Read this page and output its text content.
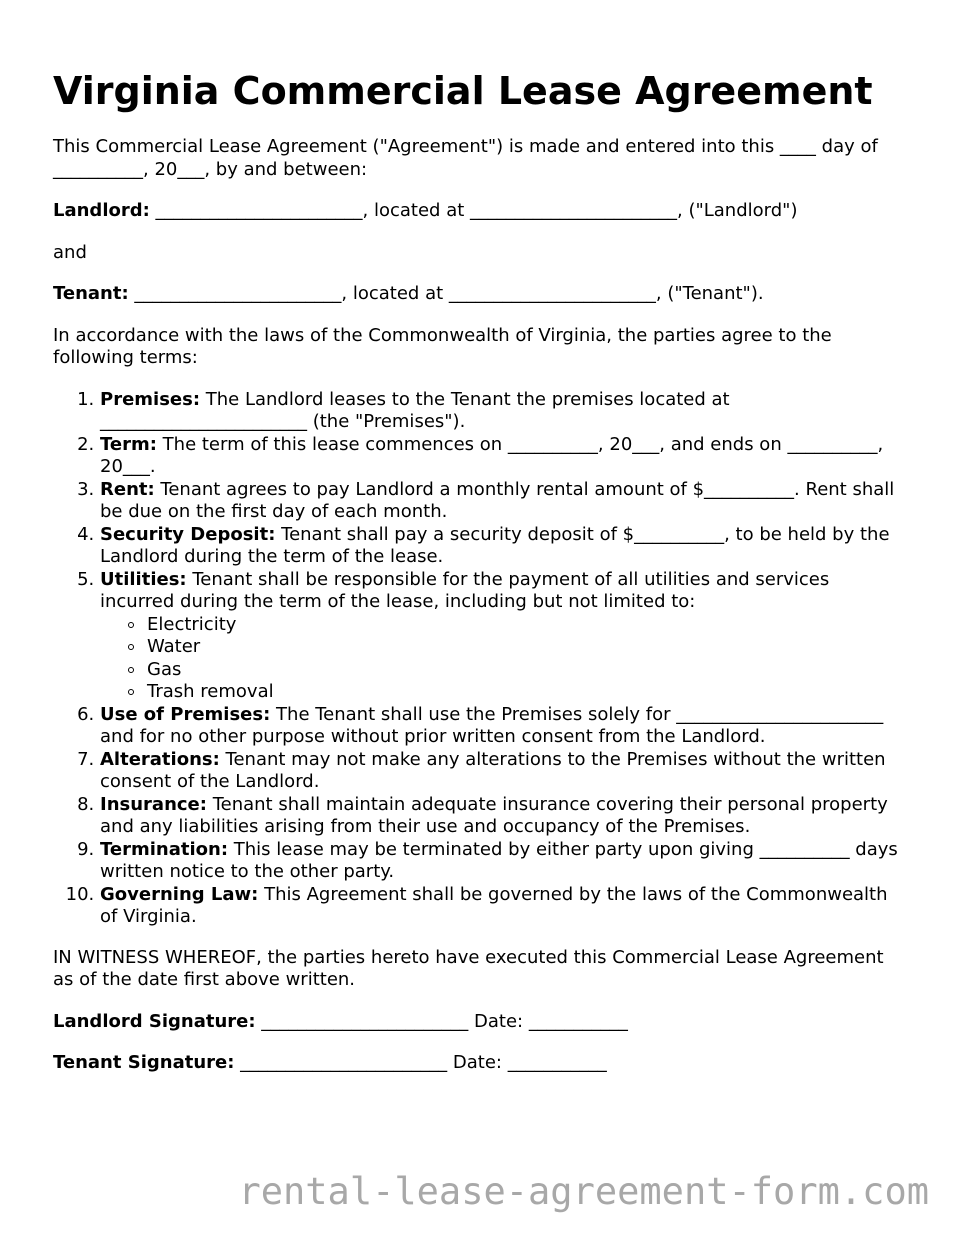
Virginia Commercial Lease Agreement

This Commercial Lease Agreement ("Agreement") is made and entered into this ____ day of __________, 20___, by and between:

Landlord: _______________________, located at _______________________, ("Landlord")

and

Tenant: _______________________, located at _______________________, ("Tenant").

In accordance with the laws of the Commonwealth of Virginia, the parties agree to the following terms:

1. Premises: The Landlord leases to the Tenant the premises located at _______________________ (the "Premises").
2. Term: The term of this lease commences on __________, 20___, and ends on __________, 20___.
3. Rent: Tenant agrees to pay Landlord a monthly rental amount of $__________. Rent shall be due on the first day of each month.
4. Security Deposit: Tenant shall pay a security deposit of $__________, to be held by the Landlord during the term of the lease.
5. Utilities: Tenant shall be responsible for the payment of all utilities and services incurred during the term of the lease, including but not limited to:
Electricity
Water
Gas
Trash removal
6. Use of Premises: The Tenant shall use the Premises solely for _______________________ and for no other purpose without prior written consent from the Landlord.
7. Alterations: Tenant may not make any alterations to the Premises without the written consent of the Landlord.
8. Insurance: Tenant shall maintain adequate insurance covering their personal property and any liabilities arising from their use and occupancy of the Premises.
9. Termination: This lease may be terminated by either party upon giving __________ days written notice to the other party.
10. Governing Law: This Agreement shall be governed by the laws of the Commonwealth of Virginia.

IN WITNESS WHEREOF, the parties hereto have executed this Commercial Lease Agreement as of the date first above written.

Landlord Signature: _______________________ Date: ___________

Tenant Signature: _______________________ Date: ___________

rental-lease-agreement-form.com
